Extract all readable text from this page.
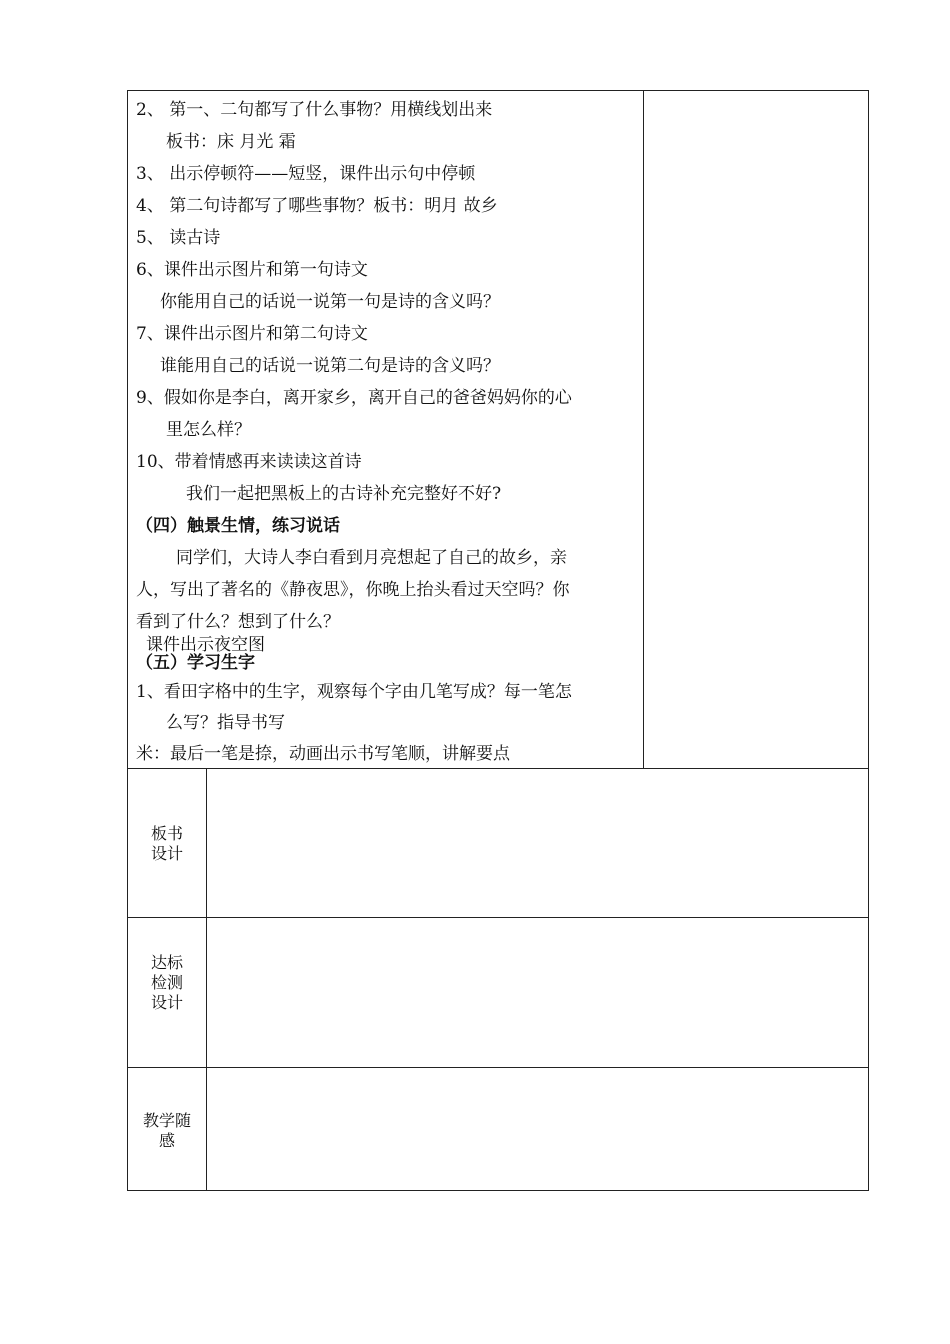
2、 第一、二句都写了什么事物？用横线划出来
板书：床 月光 霜
3、 出示停顿符——短竖，课件出示句中停顿
4、 第二句诗都写了哪些事物？板书：明月 故乡
5、 读古诗
6、课件出示图片和第一句诗文
你能用自己的话说一说第一句是诗的含义吗？
7、课件出示图片和第二句诗文
谁能用自己的话说一说第二句是诗的含义吗？
9、假如你是李白，离开家乡，离开自己的爸爸妈妈你的心
里怎么样？
10、带着情感再来读读这首诗
我们一起把黑板上的古诗补充完整好不好?
（四）触景生情，练习说话
同学们，大诗人李白看到月亮想起了自己的故乡，亲
人，写出了著名的《静夜思》，你晚上抬头看过天空吗？你
看到了什么？想到了什么？
课件出示夜空图
（五）学习生字
1、看田字格中的生字，观察每个字由几笔写成？每一笔怎
么写？指导书写
米：最后一笔是捺，动画出示书写笔顺，讲解要点
板书
设计
达标
检测
设计
教学随
感
